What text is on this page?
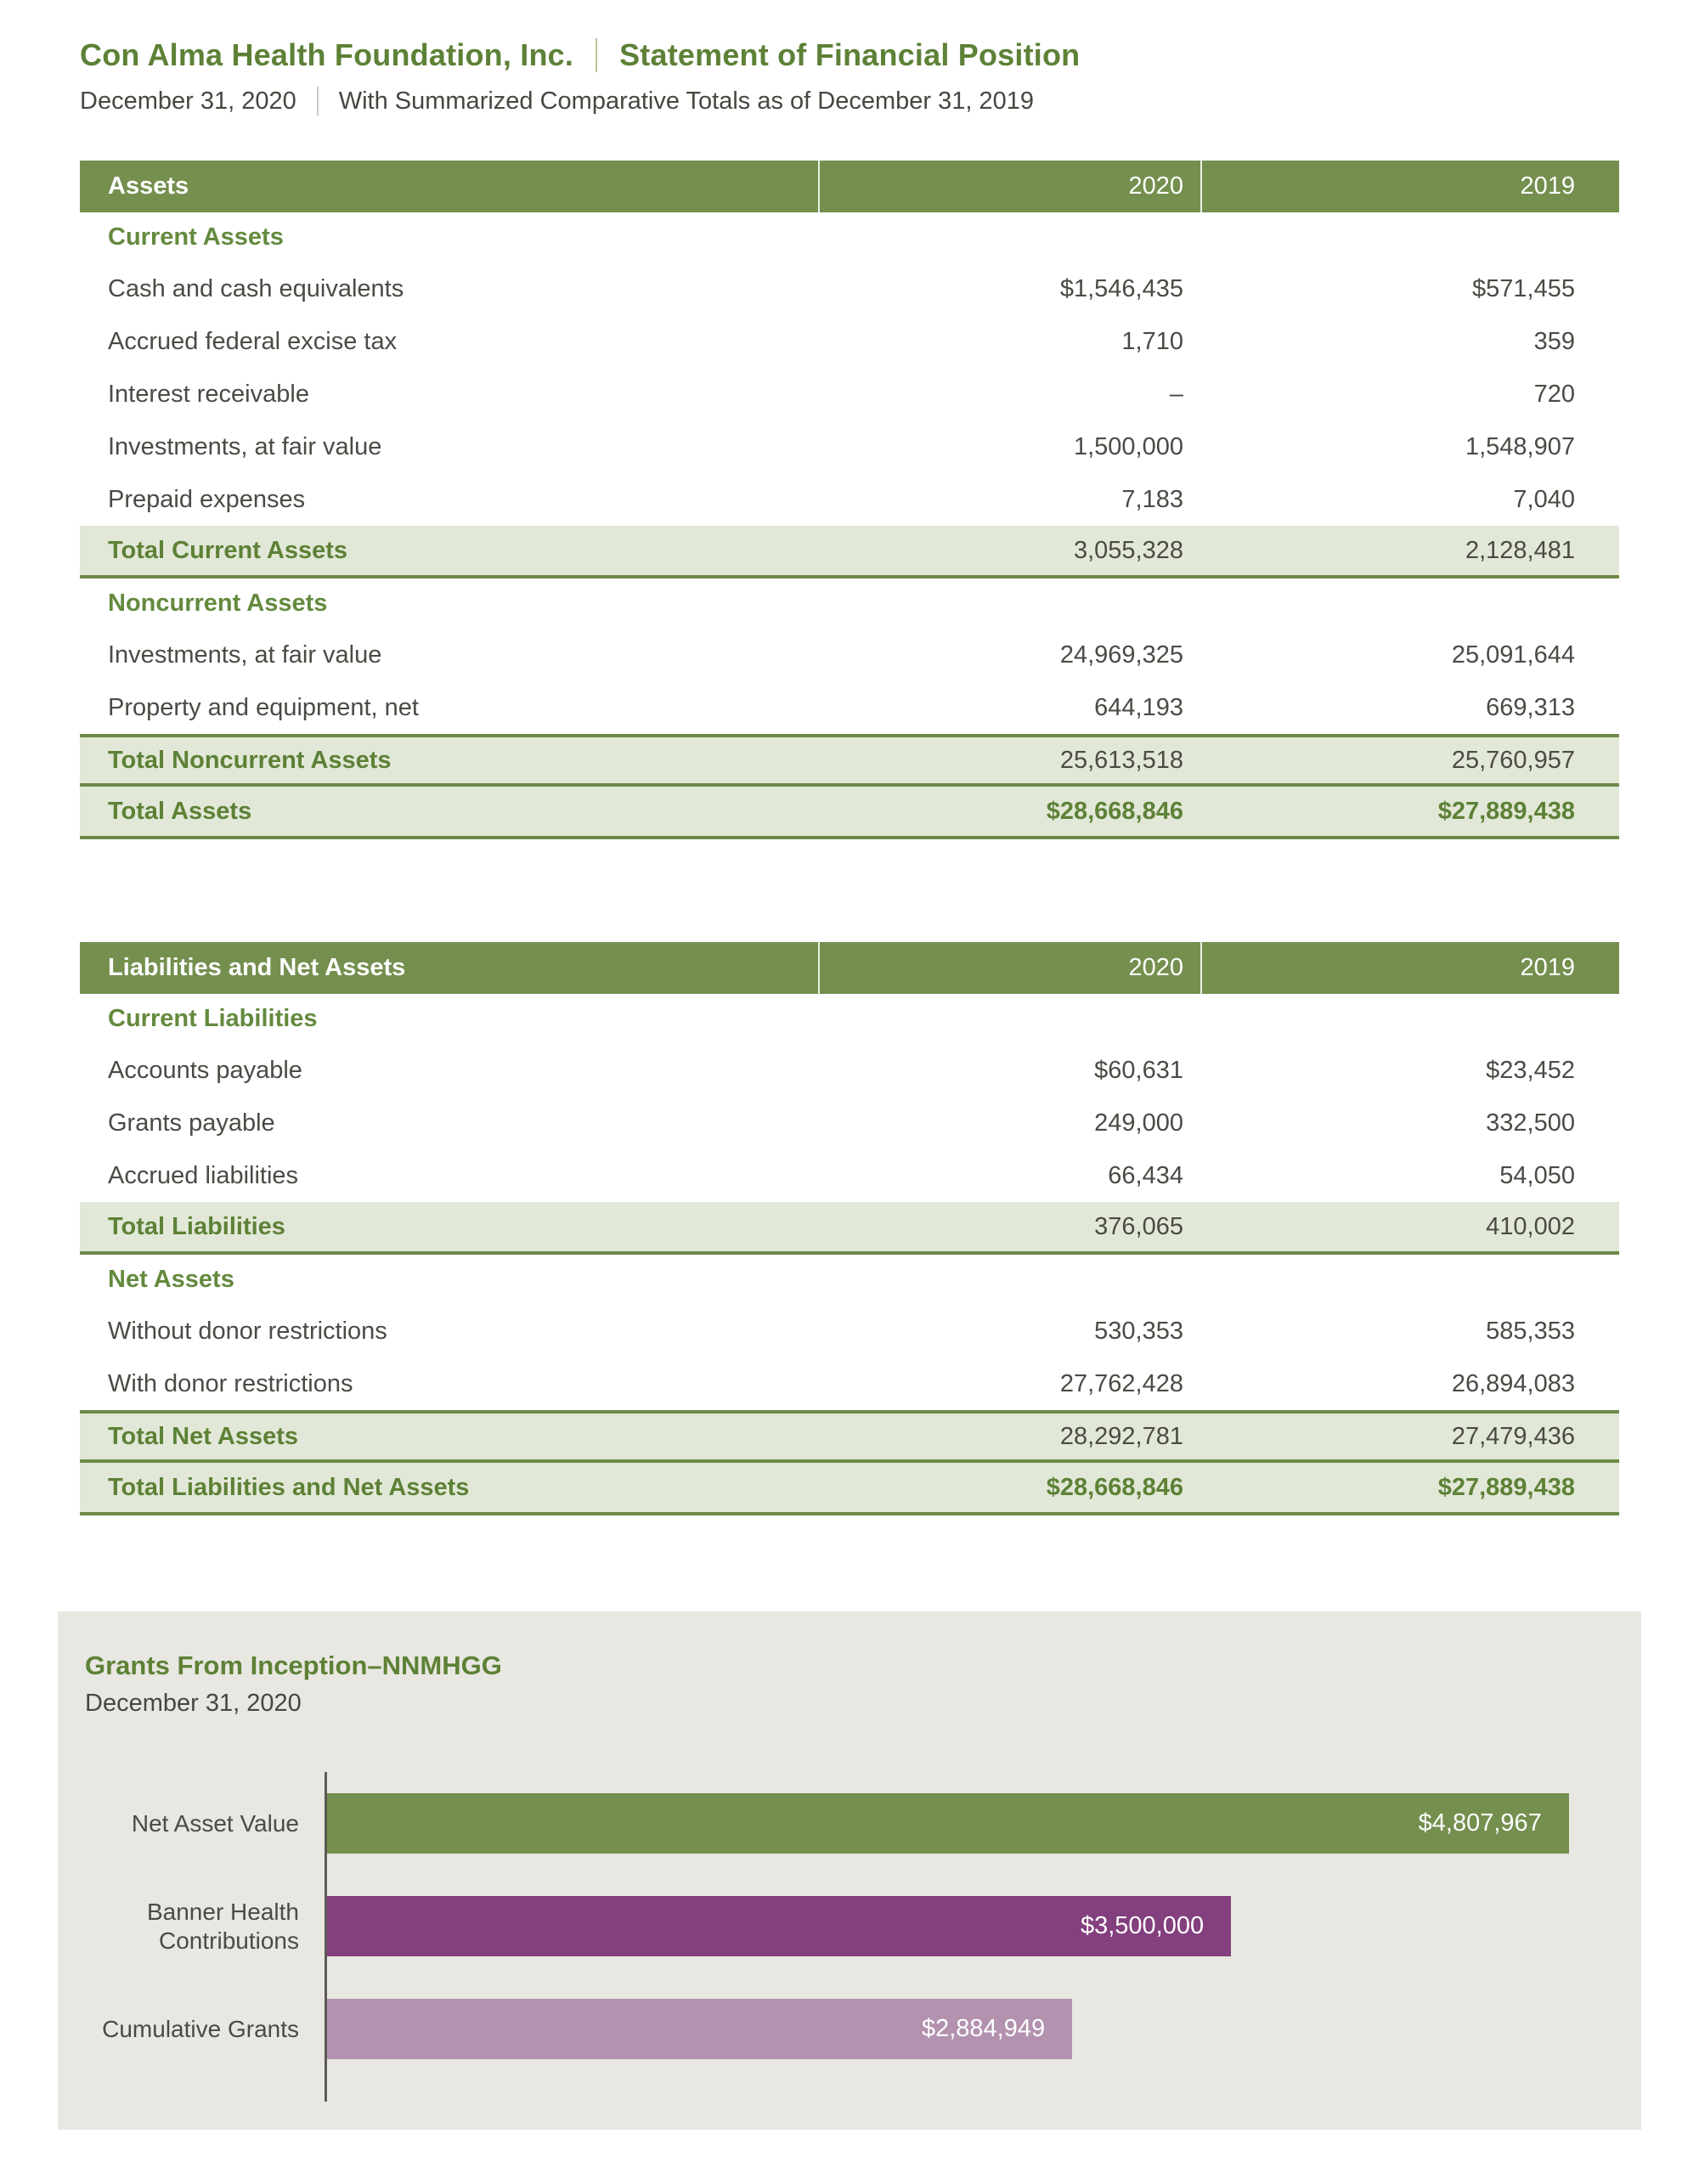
Con Alma Health Foundation, Inc. Statement of Financial Position
December 31, 2020 With Summarized Comparative Totals as of December 31, 2019
Assets	2020	2019
Current Assets
Cash and cash equivalents	$1,546,435	$571,455
Accrued federal excise tax	1,710	359
Interest receivable	–	720
Investments, at fair value	1,500,000	1,548,907
Prepaid expenses	7,183	7,040
Total Current Assets	3,055,328	2,128,481
Noncurrent Assets
Investments, at fair value	24,969,325	25,091,644
Property and equipment, net	644,193	669,313
Total Noncurrent Assets	25,613,518	25,760,957
Total Assets	$28,668,846	$27,889,438
Liabilities and Net Assets	2020	2019
Current Liabilities
Accounts payable	$60,631	$23,452
Grants payable	249,000	332,500
Accrued liabilities	66,434	54,050
Total Liabilities	376,065	410,002
Net Assets
Without donor restrictions	530,353	585,353
With donor restrictions	27,762,428	26,894,083
Total Net Assets	28,292,781	27,479,436
Total Liabilities and Net Assets	$28,668,846	$27,889,438
Grants From Inception–NNMHGG
December 31, 2020
Net Asset Value
Banner Health Contributions
Cumulative Grants
$4,807,967
$3,500,000
$2,884,949
